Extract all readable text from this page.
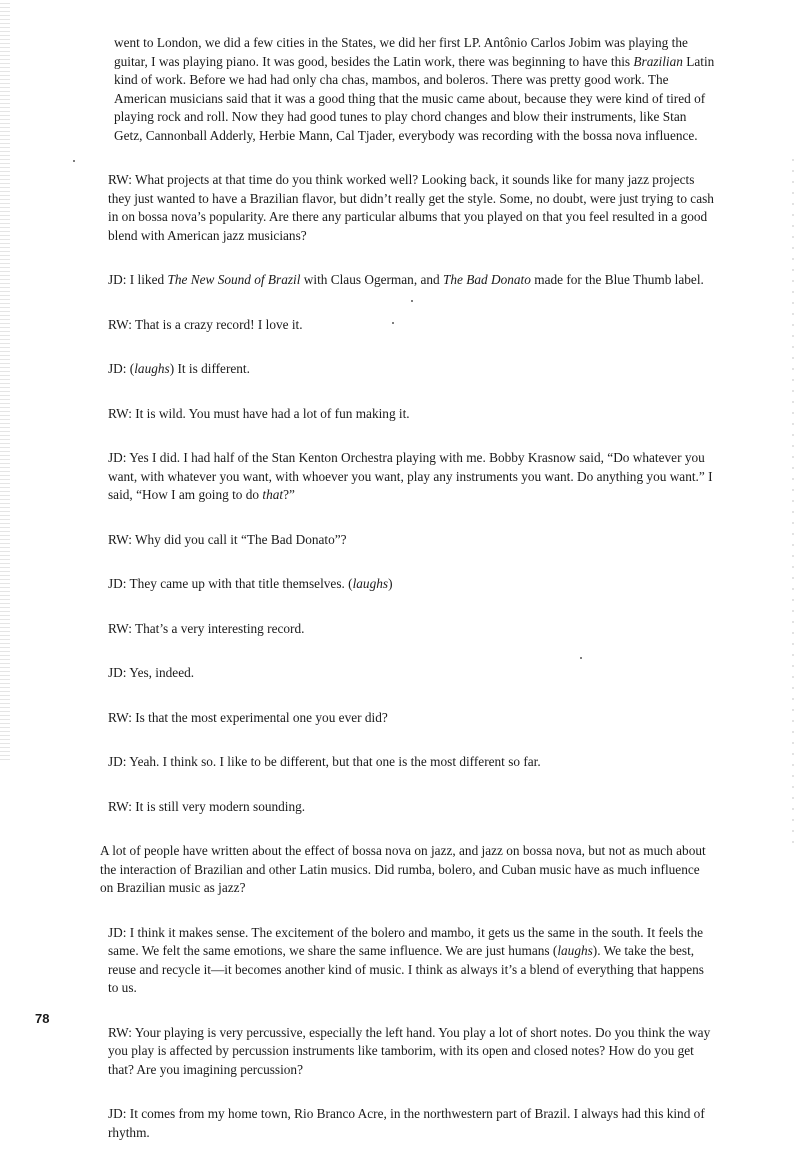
went to London, we did a few cities in the States, we did her first LP. Antônio Carlos Jobim was playing the guitar, I was playing piano. It was good, besides the Latin work, there was beginning to have this Brazilian Latin kind of work. Before we had had only cha chas, mambos, and boleros. There was pretty good work. The American musicians said that it was a good thing that the music came about, because they were kind of tired of playing rock and roll. Now they had good tunes to play chord changes and blow their instruments, like Stan Getz, Cannonball Adderly, Herbie Mann, Cal Tjader, everybody was recording with the bossa nova influence.

RW: What projects at that time do you think worked well? Looking back, it sounds like for many jazz projects they just wanted to have a Brazilian flavor, but didn’t really get the style. Some, no doubt, were just trying to cash in on bossa nova’s popularity. Are there any particular albums that you played on that you feel resulted in a good blend with American jazz musicians?

JD: I liked The New Sound of Brazil with Claus Ogerman, and The Bad Donato made for the Blue Thumb label.

RW: That is a crazy record! I love it.

JD: (laughs) It is different.

RW: It is wild. You must have had a lot of fun making it.

JD: Yes I did. I had half of the Stan Kenton Orchestra playing with me. Bobby Krasnow said, “Do whatever you want, with whatever you want, with whoever you want, play any instruments you want. Do anything you want.” I said, “How I am going to do that?”

RW: Why did you call it “The Bad Donato”?

JD: They came up with that title themselves. (laughs)

RW: That’s a very interesting record.

JD: Yes, indeed.

RW: Is that the most experimental one you ever did?

JD: Yeah. I think so. I like to be different, but that one is the most different so far.

RW: It is still very modern sounding.

A lot of people have written about the effect of bossa nova on jazz, and jazz on bossa nova, but not as much about the interaction of Brazilian and other Latin musics. Did rumba, bolero, and Cuban music have as much influence on Brazilian music as jazz?

JD: I think it makes sense. The excitement of the bolero and mambo, it gets us the same in the south. It feels the same. We felt the same emotions, we share the same influence. We are just humans (laughs). We take the best, reuse and recycle it—it becomes another kind of music. I think as always it’s a blend of everything that happens to us.

RW: Your playing is very percussive, especially the left hand. You play a lot of short notes. Do you think the way you play is affected by percussion instruments like tamborim, with its open and closed notes? How do you get that? Are you imagining percussion?

JD: It comes from my home town, Rio Branco Acre, in the northwestern part of Brazil. I always had this kind of rhythm.

78
